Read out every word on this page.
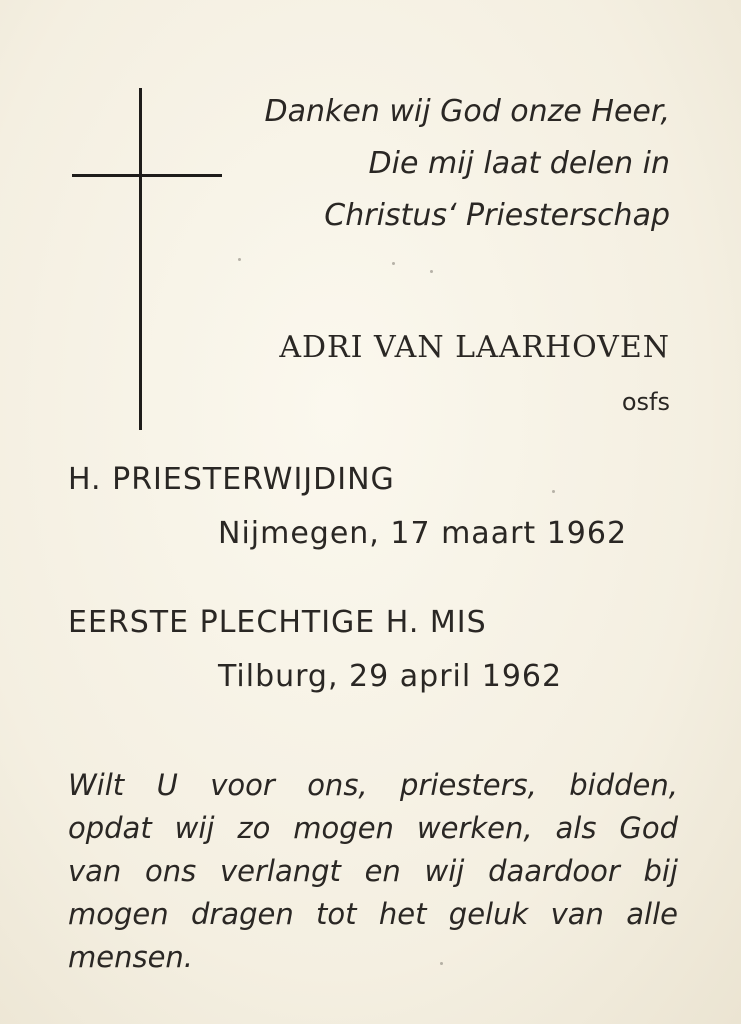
Danken wij God onze Heer,
Die mij laat delen in
Christus‘ Priesterschap
ADRI VAN LAARHOVEN
osfs
H. PRIESTERWIJDING
Nijmegen, 17 maart 1962
EERSTE PLECHTIGE H. MIS
Tilburg, 29 april 1962
Wilt U voor ons, priesters, bidden,
opdat wij zo mogen werken, als God
van ons verlangt en wij daardoor bij
mogen dragen tot het geluk van alle
mensen.
